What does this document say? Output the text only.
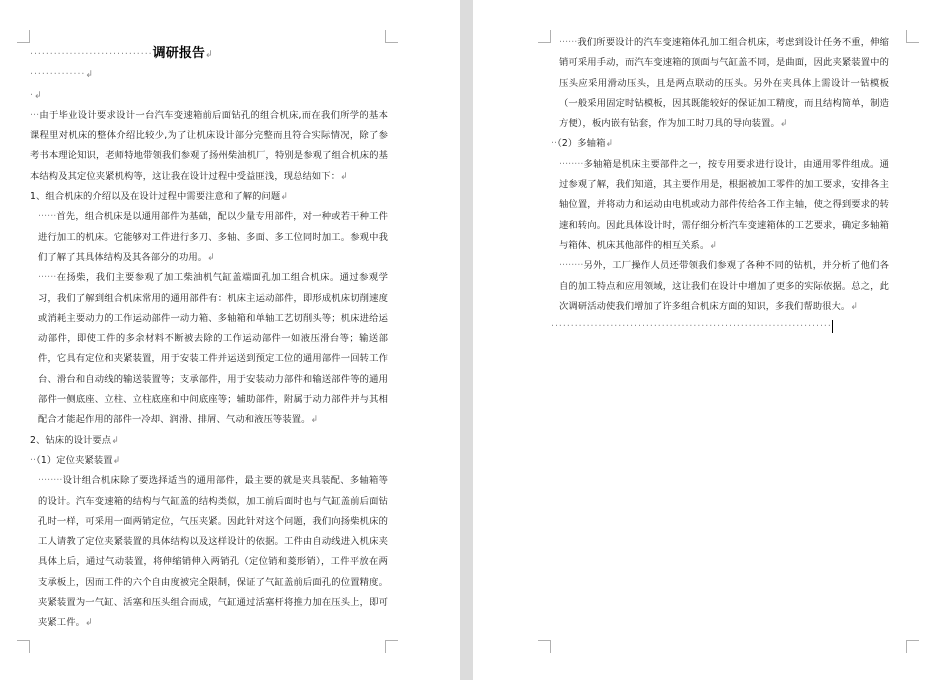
·······························调研报告↲

··············↲

·↲

···由于毕业设计要求设计一台汽车变速箱前后面钻孔的组合机床,而在我们所学的基本课程里对机床的整体介绍比较少,为了让机床设计部分完整而且符合实际情况，除了参考书本理论知识，老师特地带领我们参观了扬州柴油机厂，特别是参观了组合机床的基本结构及其定位夹紧机构等，这让我在设计过程中受益匪浅，现总结如下：↲

1、组合机床的介绍以及在设计过程中需要注意和了解的问题↲

······首先，组合机床是以通用部件为基础，配以少量专用部件，对一种或若干种工件进行加工的机床。它能够对工件进行多刀、多轴、多面、多工位同时加工。参观中我们了解了其具体结构及其各部分的功用。↲

······在扬柴，我们主要参观了加工柴油机气缸盖端面孔加工组合机床。通过参观学习，我们了解到组合机床常用的通用部件有：机床主运动部件，即形成机床切削速度或消耗主要动力的工作运动部件一动力箱、多轴箱和单轴工艺切削头等；机床进给运动部件，即使工件的多余材料不断被去除的工作运动部件一如液压滑台等；输送部件，它具有定位和夹紧装置，用于安装工件并运送到预定工位的通用部件一回转工作台、滑台和自动线的输送装置等；支承部件，用于安装动力部件和输送部件等的通用部件一侧底座、立柱、立柱底座和中间底座等；辅助部件，附属于动力部件并与其相配合才能起作用的部件一冷却、润滑、排屑、气动和液压等装置。↲

2、钻床的设计要点↲

··（1）定位夹紧装置↲

········设计组合机床除了要选择适当的通用部件，最主要的就是夹具装配、多轴箱等的设计。汽车变速箱的结构与气缸盖的结构类似，加工前后面时也与气缸盖前后面钻孔时一样，可采用一面两销定位，气压夹紧。因此针对这个问题，我们向扬柴机床的工人请教了定位夹紧装置的具体结构以及这样设计的依据。工件由自动线进入机床夹具体上后，通过气动装置，将伸缩销伸入两销孔（定位销和菱形销），工件平放在两支承板上，因而工件的六个自由度被完全限制，保证了气缸盖前后面孔的位置精度。夹紧装置为一气缸、活塞和压头组合而成，气缸通过活塞杆将推力加在压头上，即可夹紧工件。↲

······我们所要设计的汽车变速箱体孔加工组合机床，考虑到设计任务不重，伸缩销可采用手动，而汽车变速箱的顶面与气缸盖不同，是曲面，因此夹紧装置中的压头应采用滑动压头，且是两点联动的压头。另外在夹具体上需设计一钻模板（一般采用固定时钻模板，因其既能较好的保证加工精度，而且结构简单，制造方便），板内嵌有钻套，作为加工时刀具的导向装置。↲

··（2）多轴箱↲

········多轴箱是机床主要部件之一，按专用要求进行设计，由通用零件组成。通过参观了解，我们知道，其主要作用是，根据被加工零件的加工要求，安排各主轴位置，并将动力和运动由电机或动力部件传给各工作主轴，使之得到要求的转速和转向。因此具体设计时，需仔细分析汽车变速箱体的工艺要求，确定多轴箱与箱体、机床其他部件的相互关系。↲

········另外，工厂操作人员还带领我们参观了各种不同的钻机，并分析了他们各自的加工特点和应用领域，这让我们在设计中增加了更多的实际依据。总之，此次调研活动使我们增加了许多组合机床方面的知识，多我们帮助很大。↲

·······································································
